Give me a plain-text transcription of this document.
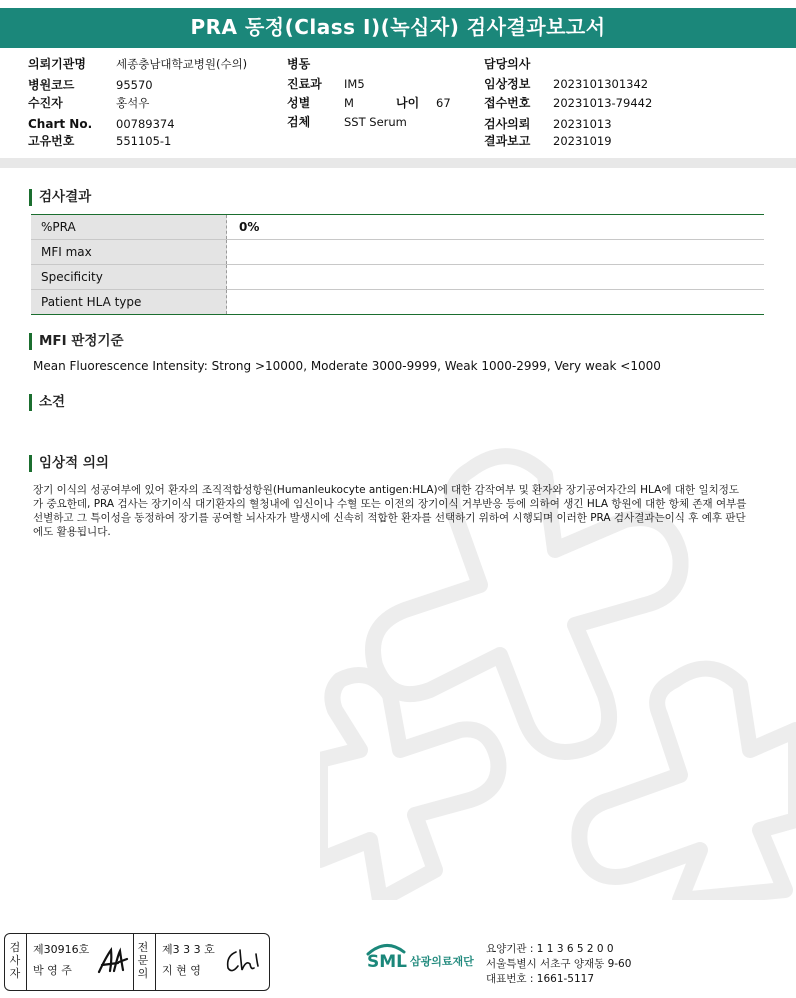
PRA 동정(Class I)(녹십자) 검사결과보고서
의뢰기관명	세종충남대학교병원(수의)
병원코드	95570
수진자	홍석우
Chart No. 00789374
고유번호	551105-1
병동
진료과 IM5
성별	M	나이 67
검체	SST Serum
담당의사
임상정보 2023101301342
접수번호 20231013-79442
검사의뢰 20231013
결과보고 20231019
검사결과
%PRA	0%
MFI max	
Specificity	
Patient HLA type	
MFI 판정기준
Mean Fluorescence Intensity: Strong >10000, Moderate 3000-9999, Weak 1000-2999, Very weak <1000
소견
임상적 의의
장기 이식의 성공여부에 있어 환자의 조직적합성항원(Humanleukocyte antigen:HLA)에 대한 감작여부 및 환자와 장기공여자간의 HLA에 대한 일치정도가 중요한데, PRA 검사는 장기이식 대기환자의 혈청내에 임신이나 수혈 또는 이전의 장기이식 거부반응 등에 의하여 생긴 HLA 항원에 대한 항체 존재 여부를 선별하고 그 특이성을 동정하여 장기를 공여할 뇌사자가 발생시에 신속히 적합한 환자를 선택하기 위하여 시행되며 이러한 PRA 검사결과는이식 후 예후 판단에도 활용됩니다.
검
사
자
제30916호
박 영 주
전
문
의
제3 3 3 호
지 현 영	SML 삼광의료재단
요양기관 : 1 1 3 6 5 2 0 0
서울특별시 서초구 양재동 9-60
대표번호 : 1661-5117
